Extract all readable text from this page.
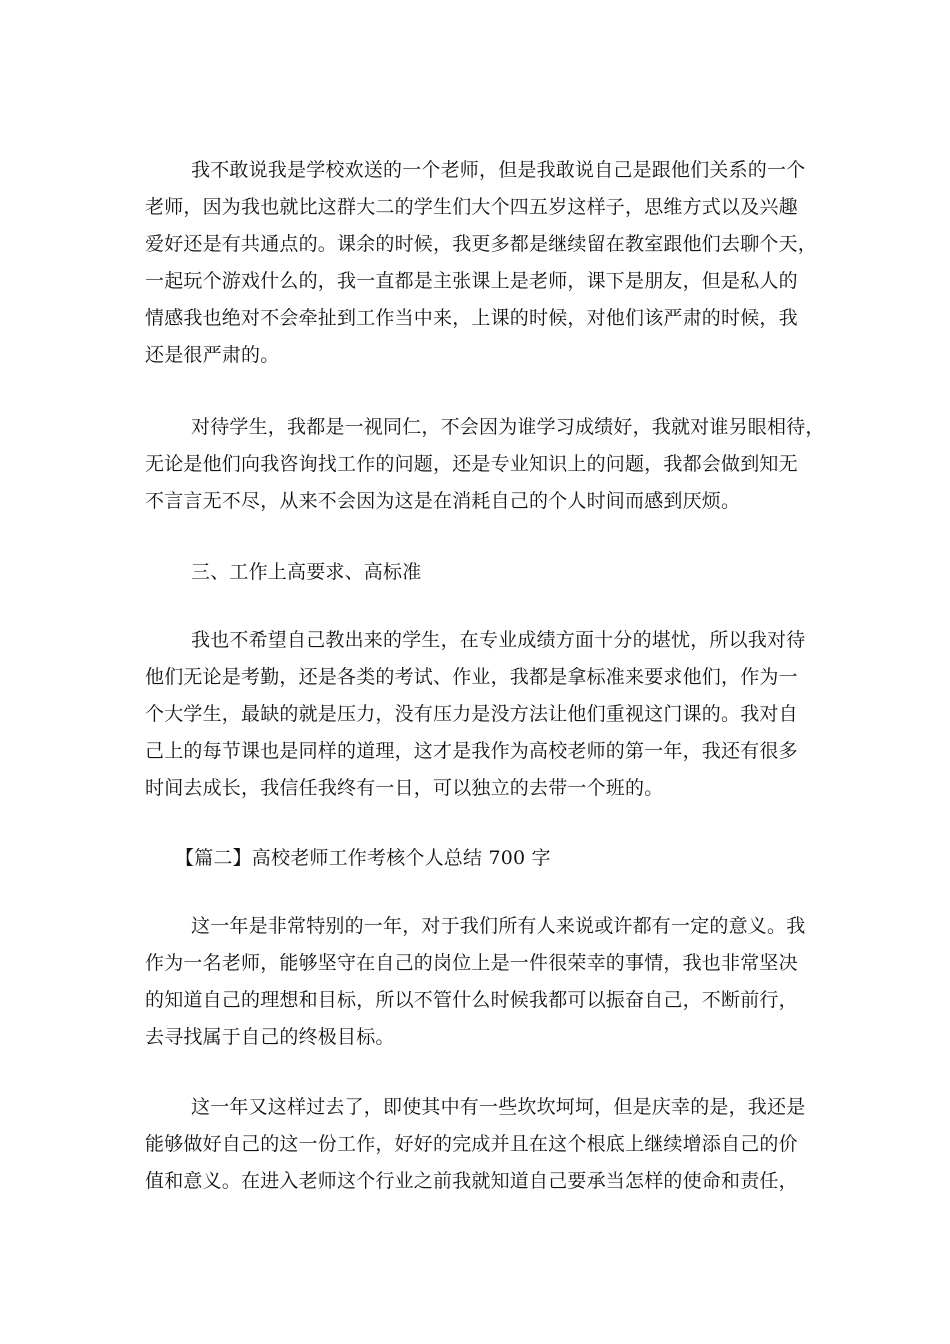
我不敢说我是学校欢送的一个老师，但是我敢说自己是跟他们关系的一个
老师，因为我也就比这群大二的学生们大个四五岁这样子，思维方式以及兴趣
爱好还是有共通点的。课余的时候，我更多都是继续留在教室跟他们去聊个天，
一起玩个游戏什么的，我一直都是主张课上是老师，课下是朋友，但是私人的
情感我也绝对不会牵扯到工作当中来，上课的时候，对他们该严肃的时候，我
还是很严肃的。
对待学生，我都是一视同仁，不会因为谁学习成绩好，我就对谁另眼相待，
无论是他们向我咨询找工作的问题，还是专业知识上的问题，我都会做到知无
不言言无不尽，从来不会因为这是在消耗自己的个人时间而感到厌烦。
三、工作上高要求、高标准
我也不希望自己教出来的学生，在专业成绩方面十分的堪忧，所以我对待
他们无论是考勤，还是各类的考试、作业，我都是拿标准来要求他们，作为一
个大学生，最缺的就是压力，没有压力是没方法让他们重视这门课的。我对自
己上的每节课也是同样的道理，这才是我作为高校老师的第一年，我还有很多
时间去成长，我信任我终有一日，可以独立的去带一个班的。
【篇二】高校老师工作考核个人总结 700 字
这一年是非常特别的一年，对于我们所有人来说或许都有一定的意义。我
作为一名老师，能够坚守在自己的岗位上是一件很荣幸的事情，我也非常坚决
的知道自己的理想和目标，所以不管什么时候我都可以振奋自己，不断前行，
去寻找属于自己的终极目标。
这一年又这样过去了，即使其中有一些坎坎坷坷，但是庆幸的是，我还是
能够做好自己的这一份工作，好好的完成并且在这个根底上继续增添自己的价
值和意义。在进入老师这个行业之前我就知道自己要承当怎样的使命和责任，
